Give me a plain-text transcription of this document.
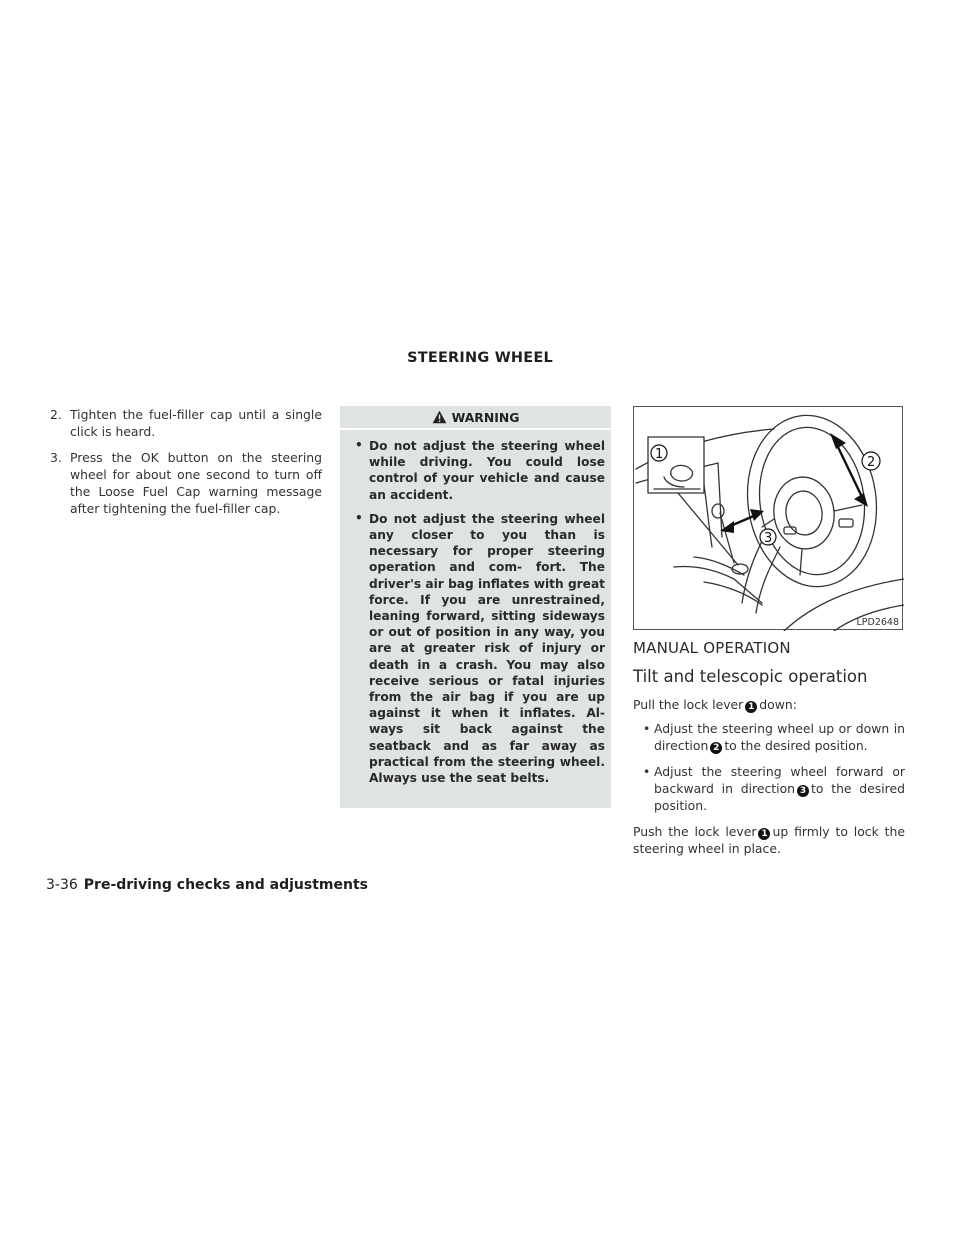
STEERING WHEEL
2. Tighten the fuel-filler cap until a single click is heard.
3. Press the OK button on the steering wheel for about one second to turn off the Loose Fuel Cap warning message after tightening the fuel-filler cap.
WARNING
• Do not adjust the steering wheel while driving. You could lose control of your vehicle and cause an accident.
• Do not adjust the steering wheel any closer to you than is necessary for proper steering operation and com- fort. The driver's air bag inflates with great force. If you are unrestrained, leaning forward, sitting sideways or out of position in any way, you are at greater risk of injury or death in a crash. You may also receive serious or fatal injuries from the air bag if you are up against it when it inflates. Al- ways sit back against the seatback and as far away as practical from the steering wheel. Always use the seat belts.
1
2
3
LPD2648
MANUAL OPERATION
Tilt and telescopic operation
Pull the lock lever 1 down:
• Adjust the steering wheel up or down in direction 2 to the desired position.
• Adjust the steering wheel forward or backward in direction 3 to the desired position.
Push the lock lever 1 up firmly to lock the steering wheel in place.
3-36 Pre-driving checks and adjustments
